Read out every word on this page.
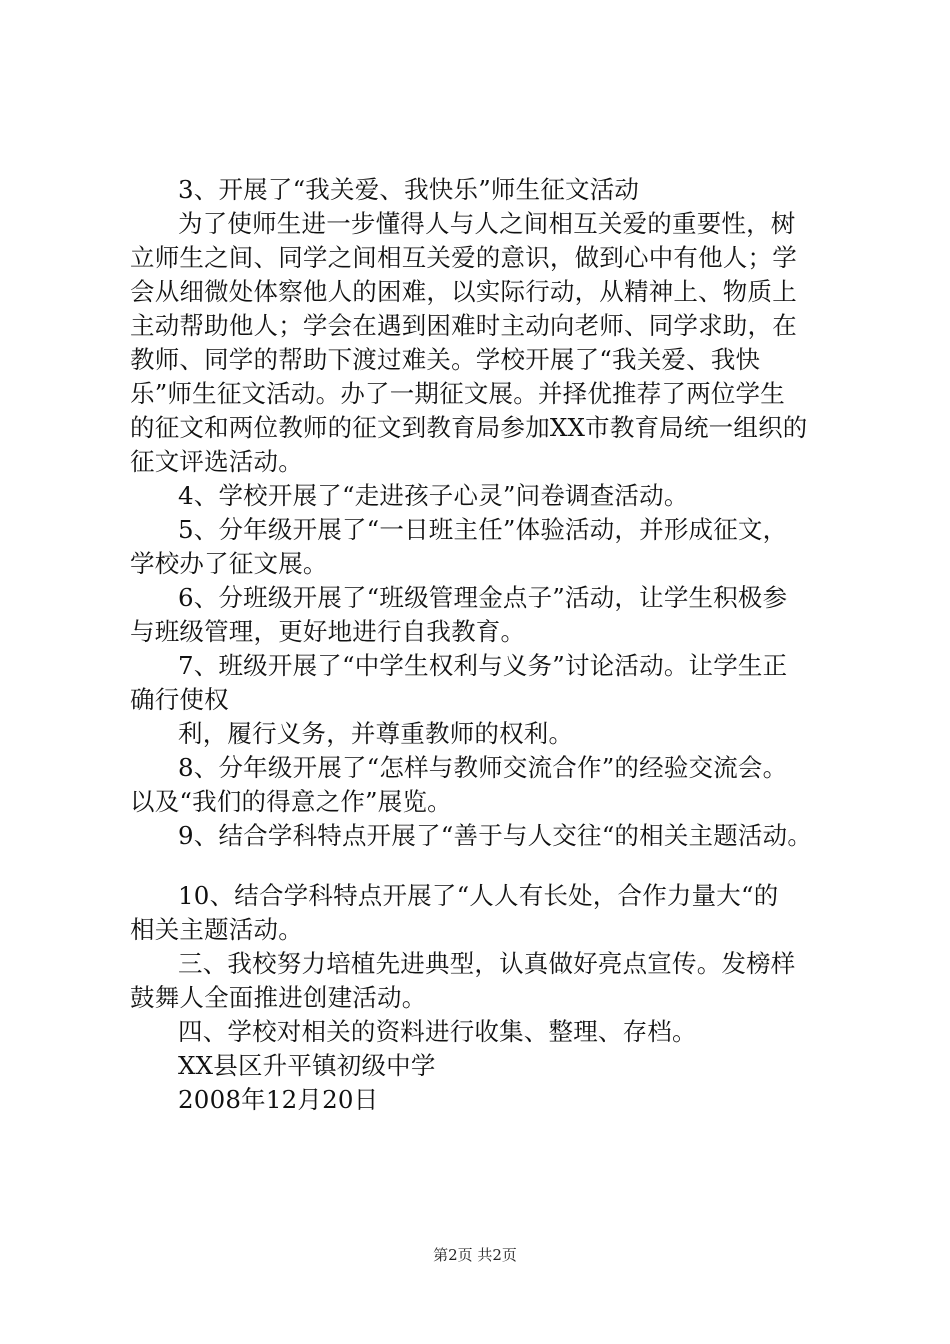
3、开展了“我关爱、我快乐”师生征文活动
为了使师生进一步懂得人与人之间相互关爱的重要性，树
立师生之间、同学之间相互关爱的意识，做到心中有他人；学
会从细微处体察他人的困难，以实际行动，从精神上、物质上
主动帮助他人；学会在遇到困难时主动向老师、同学求助，在
教师、同学的帮助下渡过难关。学校开展了“我关爱、我快
乐”师生征文活动。办了一期征文展。并择优推荐了两位学生
的征文和两位教师的征文到教育局参加XX市教育局统一组织的
征文评选活动。
4、学校开展了“走进孩子心灵”问卷调查活动。
5、分年级开展了“一日班主任”体验活动，并形成征文，
学校办了征文展。
6、分班级开展了“班级管理金点子”活动，让学生积极参
与班级管理，更好地进行自我教育。
7、班级开展了“中学生权利与义务”讨论活动。让学生正
确行使权
利，履行义务，并尊重教师的权利。
8、分年级开展了“怎样与教师交流合作”的经验交流会。
以及“我们的得意之作”展览。
9、结合学科特点开展了“善于与人交往“的相关主题活动。
10、结合学科特点开展了“人人有长处，合作力量大“的
相关主题活动。
三、我校努力培植先进典型，认真做好亮点宣传。发榜样
鼓舞人全面推进创建活动。
四、学校对相关的资料进行收集、整理、存档。
XX县区升平镇初级中学
2008年12月20日
第2页 共2页
